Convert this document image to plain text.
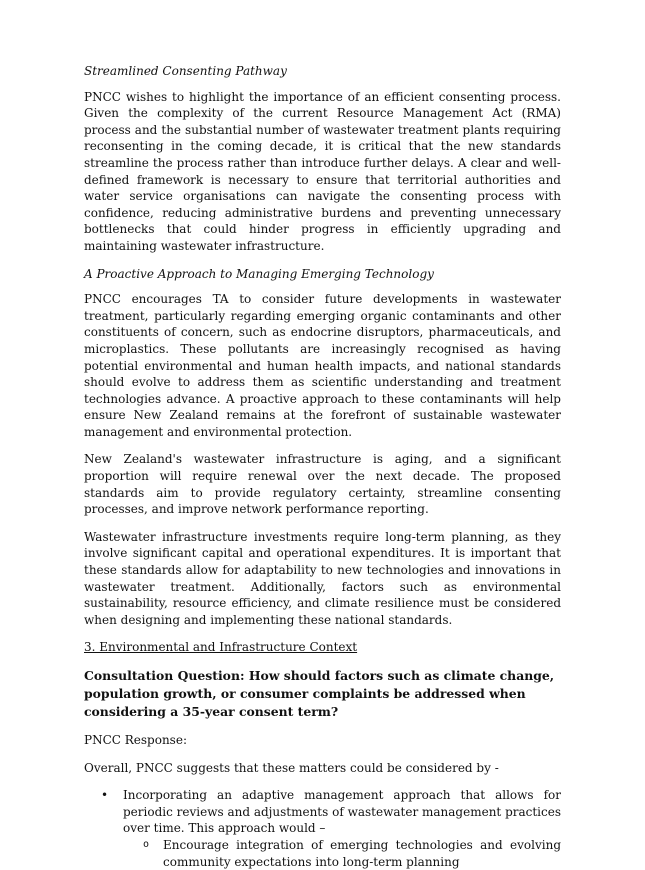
Streamlined Consenting Pathway

PNCC wishes to highlight the importance of an efficient consenting process. Given the complexity of the current Resource Management Act (RMA) process and the substantial number of wastewater treatment plants requiring reconsenting in the coming decade, it is critical that the new standards streamline the process rather than introduce further delays. A clear and well-defined framework is necessary to ensure that territorial authorities and water service organisations can navigate the consenting process with confidence, reducing administrative burdens and preventing unnecessary bottlenecks that could hinder progress in efficiently upgrading and maintaining wastewater infrastructure.

A Proactive Approach to Managing Emerging Technology

PNCC encourages TA to consider future developments in wastewater treatment, particularly regarding emerging organic contaminants and other constituents of concern, such as endocrine disruptors, pharmaceuticals, and microplastics. These pollutants are increasingly recognised as having potential environmental and human health impacts, and national standards should evolve to address them as scientific understanding and treatment technologies advance. A proactive approach to these contaminants will help ensure New Zealand remains at the forefront of sustainable wastewater management and environmental protection.

New Zealand's wastewater infrastructure is aging, and a significant proportion will require renewal over the next decade. The proposed standards aim to provide regulatory certainty, streamline consenting processes, and improve network performance reporting.

Wastewater infrastructure investments require long-term planning, as they involve significant capital and operational expenditures. It is important that these standards allow for adaptability to new technologies and innovations in wastewater treatment. Additionally, factors such as environmental sustainability, resource efficiency, and climate resilience must be considered when designing and implementing these national standards.

3. Environmental and Infrastructure Context

Consultation Question: How should factors such as climate change, population growth, or consumer complaints be addressed when considering a 35-year consent term?

PNCC Response:

Overall, PNCC suggests that these matters could be considered by -

• Incorporating an adaptive management approach that allows for periodic reviews and adjustments of wastewater management practices over time. This approach would –

o Encourage integration of emerging technologies and evolving community expectations into long-term planning
